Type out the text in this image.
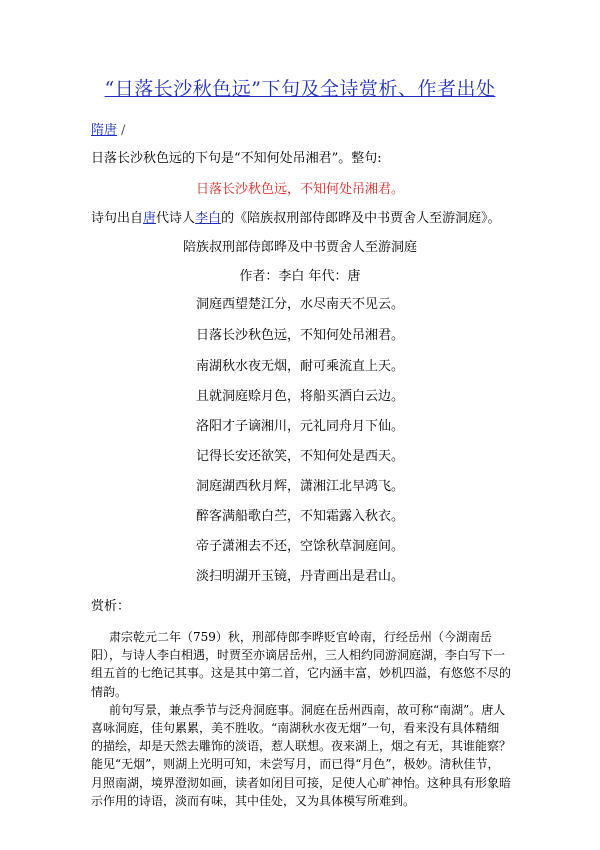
“日落长沙秋色远”下句及全诗赏析、作者出处
隋唐 /
日落长沙秋色远的下句是“不知何处吊湘君”。整句:
日落长沙秋色远，不知何处吊湘君。
诗句出自唐代诗人李白的《陪族叔刑部侍郎晔及中书贾舍人至游洞庭》。
陪族叔刑部侍郎晔及中书贾舍人至游洞庭
作者：李白 年代：唐
洞庭西望楚江分，水尽南天不见云。
日落长沙秋色远，不知何处吊湘君。
南湖秋水夜无烟，耐可乘流直上天。
且就洞庭赊月色，将船买酒白云边。
洛阳才子谪湘川，元礼同舟月下仙。
记得长安还欲笑，不知何处是西天。
洞庭湖西秋月辉，潇湘江北早鸿飞。
醉客满船歌白苎，不知霜露入秋衣。
帝子潇湘去不还，空馀秋草洞庭间。
淡扫明湖开玉镜，丹青画出是君山。
赏析：

肃宗乾元二年（759）秋，刑部侍郎李晔贬官岭南，行经岳州（今湖南岳阳），与诗人李白相遇，时贾至亦谪居岳州，三人相约同游洞庭湖，李白写下一组五首的七绝记其事。这是其中第二首，它内涵丰富，妙机四溢，有悠悠不尽的情韵。

前句写景，兼点季节与泛舟洞庭事。洞庭在岳州西南，故可称“南湖”。唐人喜咏洞庭，佳句累累，美不胜收。“南湖秋水夜无烟”一句，看来没有具体精细的描绘，却是天然去雕饰的淡语，惹人联想。夜来湖上，烟之有无，其谁能察？能见“无烟”，则湖上光明可知，未尝写月，而已得“月色”，极妙。清秋佳节，月照南湖，境界澄沏如画，读者如闭目可接，足使人心旷神怡。这种具有形象暗示作用的诗语，淡而有味，其中佳处，又为具体模写所难到。
